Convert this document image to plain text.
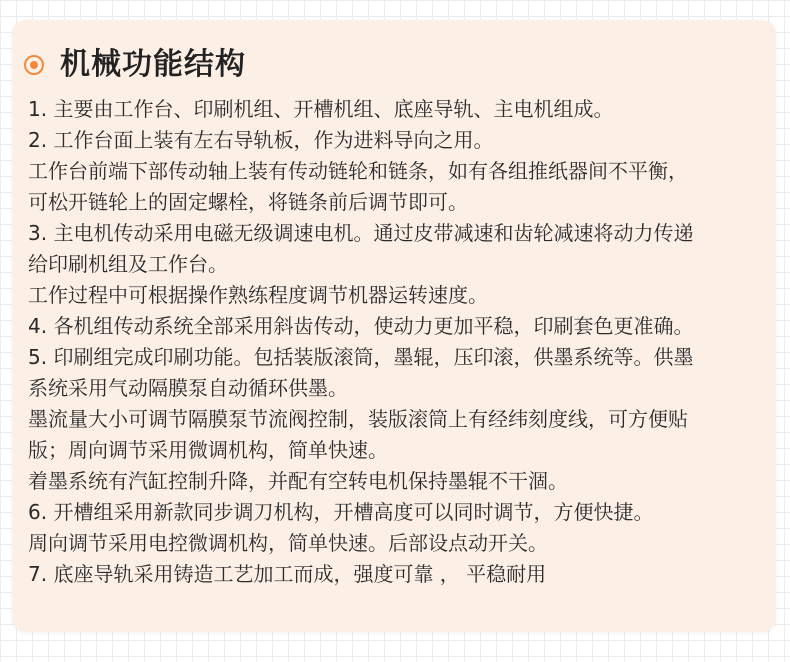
机械功能结构
1. 主要由工作台、印刷机组、开槽机组、底座导轨、主电机组成。
2. 工作台面上装有左右导轨板，作为进料导向之用。
工作台前端下部传动轴上装有传动链轮和链条，如有各组推纸器间不平衡，
可松开链轮上的固定螺栓，将链条前后调节即可。
3. 主电机传动采用电磁无级调速电机。通过皮带减速和齿轮减速将动力传递
给印刷机组及工作台。
工作过程中可根据操作熟练程度调节机器运转速度。
4. 各机组传动系统全部采用斜齿传动，使动力更加平稳，印刷套色更准确。
5. 印刷组完成印刷功能。包括装版滚筒，墨辊，压印滚，供墨系统等。供墨
系统采用气动隔膜泵自动循环供墨。
墨流量大小可调节隔膜泵节流阀控制，装版滚筒上有经纬刻度线，可方便贴
版；周向调节采用微调机构，简单快速。
着墨系统有汽缸控制升降，并配有空转电机保持墨辊不干涸。
6. 开槽组采用新款同步调刀机构，开槽高度可以同时调节，方便快捷。
周向调节采用电控微调机构，简单快速。后部设点动开关。
7. 底座导轨采用铸造工艺加工而成，强度可靠 ， 平稳耐用
